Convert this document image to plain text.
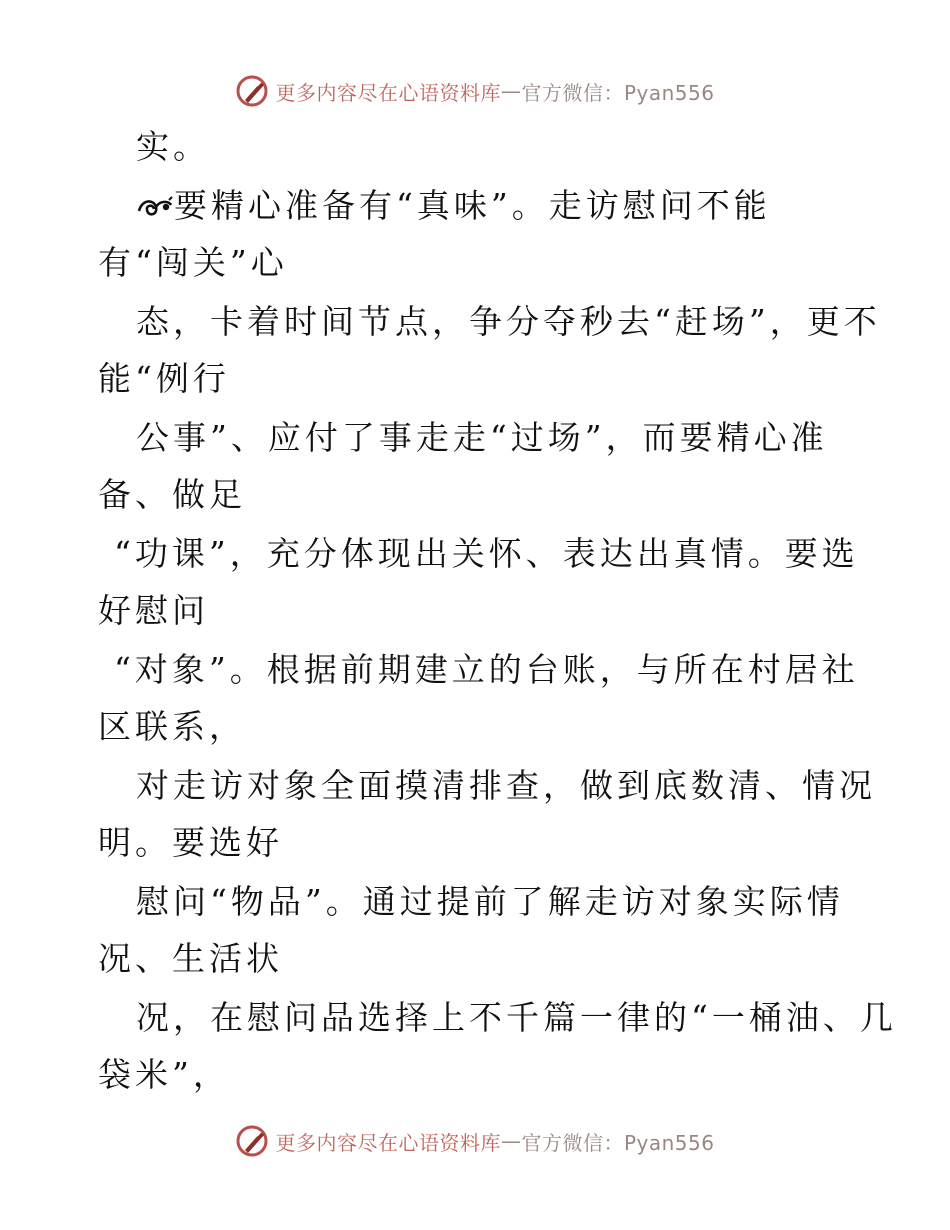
更多内容尽在心语资料库 — 官方微信：Pyan556
实。
要精心准备有“真味”。走访慰问不能
有“闯关”心
态，卡着时间节点，争分夺秒去“赶场”，更不
能“例行
公事”、应付了事走走“过场”，而要精心准
备、做足
“功课”，充分体现出关怀、表达出真情。要选
好慰问
“对象”。根据前期建立的台账，与所在村居社
区联系，
对走访对象全面摸清排查，做到底数清、情况
明。要选好
慰问“物品”。通过提前了解走访对象实际情
况、生活状
况，在慰问品选择上不千篇一律的“一桶油、几
袋米”，
更多内容尽在心语资料库 — 官方微信：Pyan556
